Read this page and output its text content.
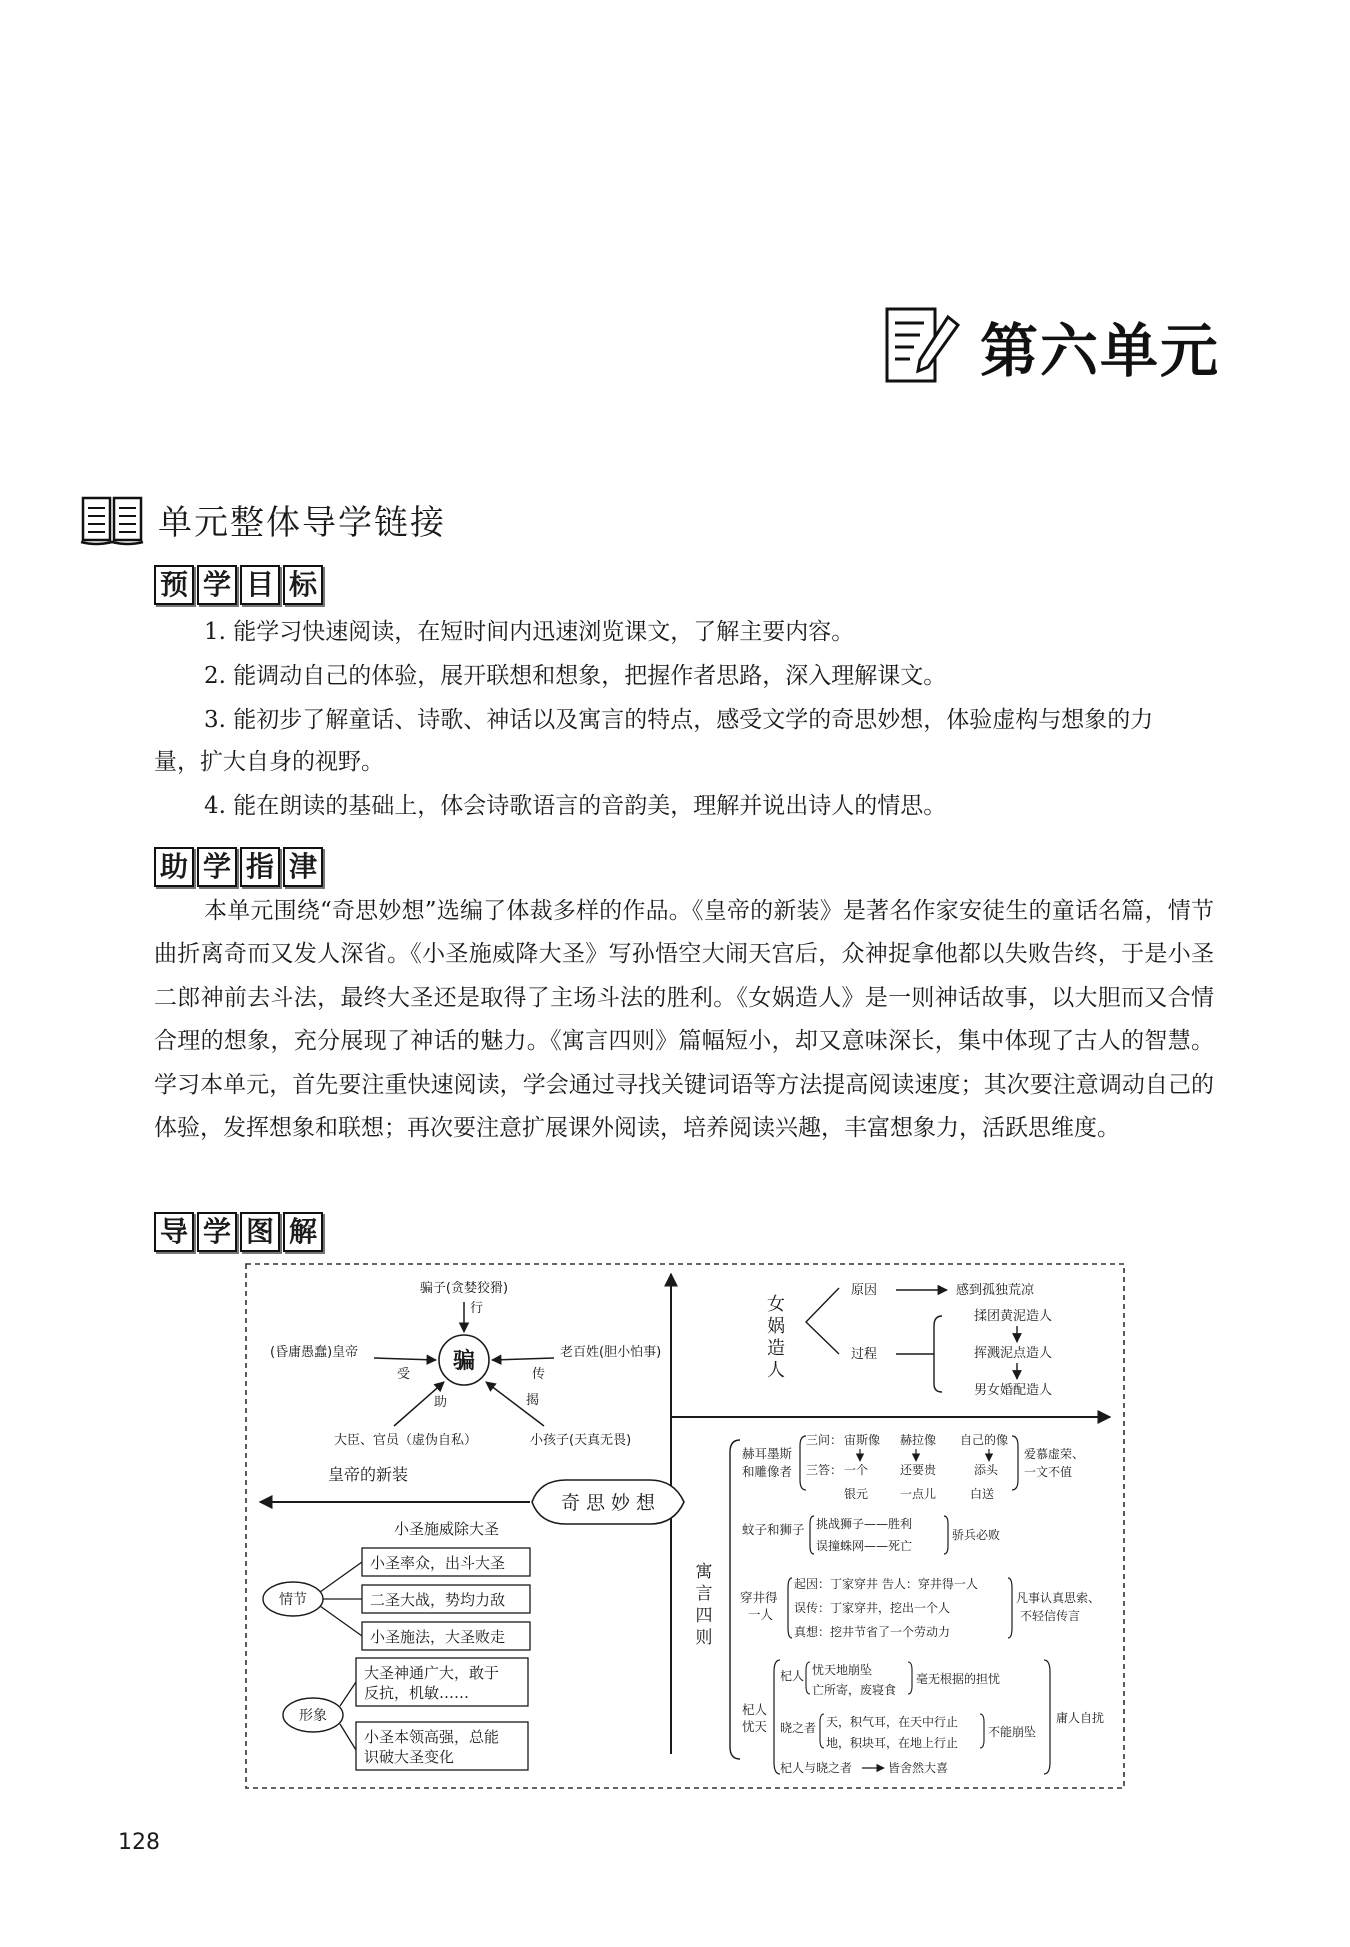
第六单元
单元整体导学链接
预 学 目 标
1. 能学习快速阅读，在短时间内迅速浏览课文，了解主要内容。
2. 能调动自己的体验，展开联想和想象，把握作者思路，深入理解课文。
3. 能初步了解童话、诗歌、神话以及寓言的特点，感受文学的奇思妙想，体验虚构与想象的力
量，扩大自身的视野。
4. 能在朗读的基础上，体会诗歌语言的音韵美，理解并说出诗人的情思。
助 学 指 津
本单元围绕“奇思妙想”选编了体裁多样的作品。《皇帝的新装》是著名作家安徒生的童话名篇，情节曲折离奇而又发人深省。《小圣施威降大圣》写孙悟空大闹天宫后，众神捉拿他都以失败告终，于是小圣二郎神前去斗法，最终大圣还是取得了主场斗法的胜利。《女娲造人》是一则神话故事，以大胆而又合情合理的想象，充分展现了神话的魅力。《寓言四则》篇幅短小，却又意味深长，集中体现了古人的智慧。学习本单元，首先要注重快速阅读，学会通过寻找关键词语等方法提高阅读速度；其次要注意调动自己的体验，发挥想象和联想；再次要注意扩展课外阅读，培养阅读兴趣，丰富想象力，活跃思维度。
导 学 图 解
奇 思 妙 想
骗
骗子(贪婪狡猾)
行
(昏庸愚蠢)皇帝
受
老百姓(胆小怕事)
传
助
大臣、官员（虚伪自私）
揭
小孩子(天真无畏)
皇帝的新装
女
娲
造
人
原因	感到孤独荒凉
过程
揉团黄泥造人
挥溅泥点造人
男女婚配造人
小圣施威除大圣
情节
小圣率众，出斗大圣
二圣大战，势均力敌
小圣施法，大圣败走
形象
大圣神通广大，敢于
反抗，机敏……
小圣本领高强，总能
识破大圣变化
寓
言
四
则
赫耳墨斯
和雕像者
三问： 宙斯像 赫拉像 自己的像
三答： 一个	还要贵	添头
银元	一点儿	白送
爱慕虚荣、
一文不值
蚊子和狮子 挑战狮子——胜利
误撞蛛网——死亡
骄兵必败
穿井得
一人
起因：丁家穿井 告人：穿井得一人
误传：丁家穿井，挖出一个人
真想：挖井节省了一个劳动力
凡事认真思索、
不轻信传言
杞人
忧天
杞人 忧天地崩坠
亡所寄，废寝食
毫无根据的担忧
晓之者 天，积气耳，在天中行止
地，积块耳，在地上行止
不能崩坠
杞人与晓之者	皆舍然大喜
庸人自扰
128
